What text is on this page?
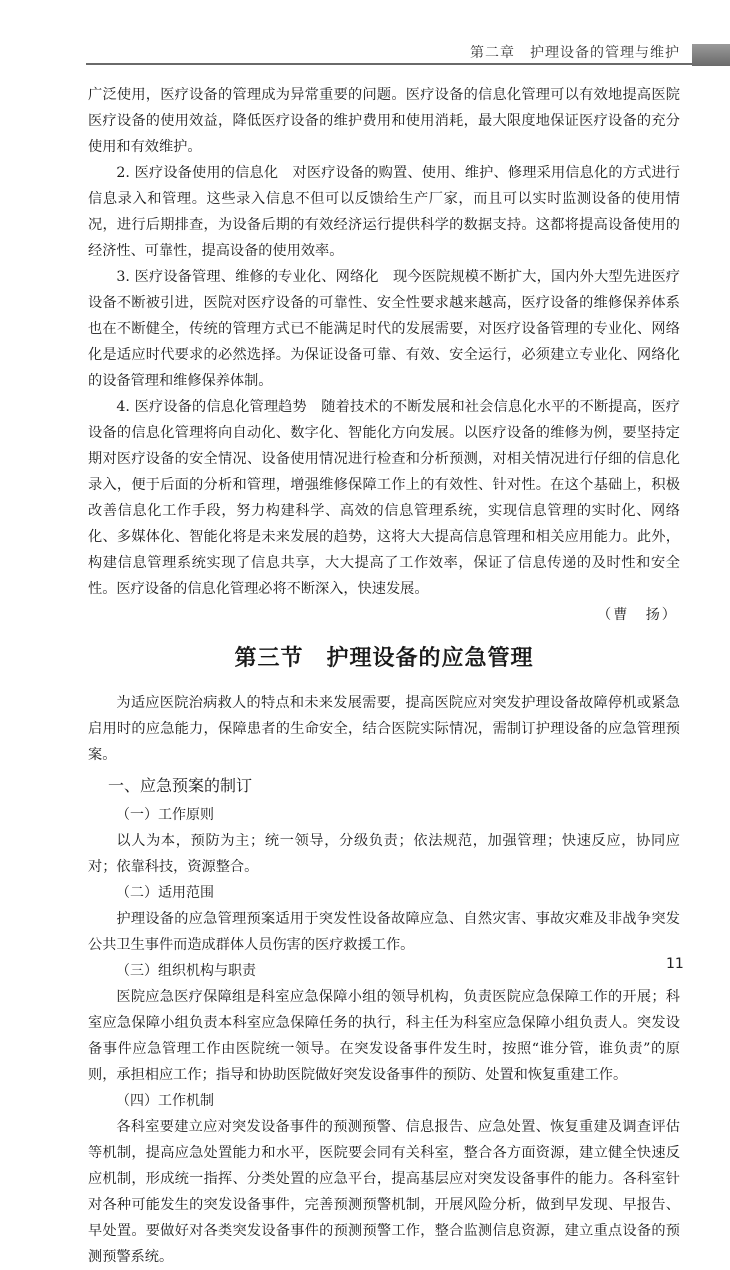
第二章　 护理设备的管理与维护

广泛使用，医疗设备的管理成为异常重要的问题。医疗设备的信息化管理可以有效地提高医院医疗设备的使用效益，降低医疗设备的维护费用和使用消耗，最大限度地保证医疗设备的充分使用和有效维护。

2. 医疗设备使用的信息化　对医疗设备的购置、使用、维护、修理采用信息化的方式进行信息录入和管理。这些录入信息不但可以反馈给生产厂家，而且可以实时监测设备的使用情况，进行后期排查，为设备后期的有效经济运行提供科学的数据支持。这都将提高设备使用的经济性、可靠性，提高设备的使用效率。

3. 医疗设备管理、维修的专业化、网络化　现今医院规模不断扩大，国内外大型先进医疗设备不断被引进，医院对医疗设备的可靠性、安全性要求越来越高，医疗设备的维修保养体系也在不断健全，传统的管理方式已不能满足时代的发展需要，对医疗设备管理的专业化、网络化是适应时代要求的必然选择。为保证设备可靠、有效、安全运行，必须建立专业化、网络化的设备管理和维修保养体制。

4. 医疗设备的信息化管理趋势　随着技术的不断发展和社会信息化水平的不断提高，医疗设备的信息化管理将向自动化、数字化、智能化方向发展。以医疗设备的维修为例，要坚持定期对医疗设备的安全情况、设备使用情况进行检查和分析预测，对相关情况进行仔细的信息化录入，便于后面的分析和管理，增强维修保障工作上的有效性、针对性。在这个基础上，积极改善信息化工作手段，努力构建科学、高效的信息管理系统，实现信息管理的实时化、网络化、多媒体化、智能化将是未来发展的趋势，这将大大提高信息管理和相关应用能力。此外，构建信息管理系统实现了信息共享，大大提高了工作效率，保证了信息传递的及时性和安全性。医疗设备的信息化管理必将不断深入，快速发展。

（曹　扬）

第三节　护理设备的应急管理

为适应医院治病救人的特点和未来发展需要，提高医院应对突发护理设备故障停机或紧急启用时的应急能力，保障患者的生命安全，结合医院实际情况，需制订护理设备的应急管理预案。

一、应急预案的制订
（一）工作原则

以人为本，预防为主；统一领导，分级负责；依法规范，加强管理；快速反应，协同应对；依靠科技，资源整合。

（二）适用范围

护理设备的应急管理预案适用于突发性设备故障应急、自然灾害、事故灾难及非战争突发公共卫生事件而造成群体人员伤害的医疗救援工作。

（三）组织机构与职责

医院应急医疗保障组是科室应急保障小组的领导机构，负责医院应急保障工作的开展；科室应急保障小组负责本科室应急保障任务的执行，科主任为科室应急保障小组负责人。突发设备事件应急管理工作由医院统一领导。在突发设备事件发生时，按照“谁分管，谁负责”的原则，承担相应工作；指导和协助医院做好突发设备事件的预防、处置和恢复重建工作。

（四）工作机制

各科室要建立应对突发设备事件的预测预警、信息报告、应急处置、恢复重建及调查评估等机制，提高应急处置能力和水平，医院要会同有关科室，整合各方面资源，建立健全快速反应机制，形成统一指挥、分类处置的应急平台，提高基层应对突发设备事件的能力。各科室针对各种可能发生的突发设备事件，完善预测预警机制，开展风险分析，做到早发现、早报告、早处置。要做好对各类突发设备事件的预测预警工作，整合监测信息资源，建立重点设备的预测预警系统。

11
